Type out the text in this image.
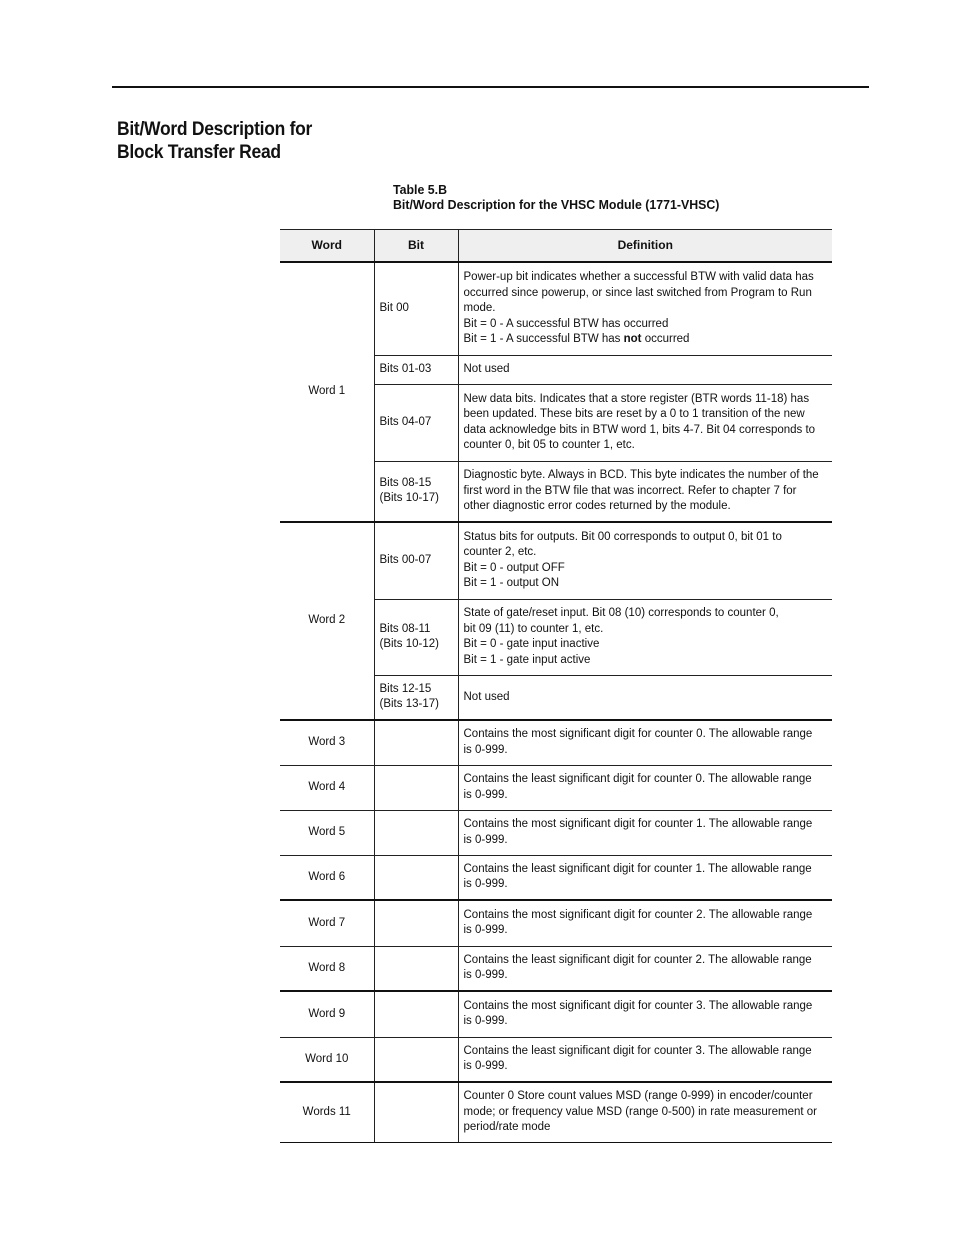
Bit/Word Description for
Block Transfer Read
Table 5.B
Bit/Word Description for the VHSC Module (1771-VHSC)
Word	Bit	Definition
Word 1	Bit 00	Power-up bit indicates whether a successful BTW with valid data has
occurred since powerup, or since last switched from Program to Run
mode.
Bit = 0 - A successful BTW has occurred
Bit = 1 - A successful BTW has not occurred

	Bits 01-03	Not used

	Bits 04-07	New data bits. Indicates that a store register (BTR words 11-18) has
been updated. These bits are reset by a 0 to 1 transition of the new
data acknowledge bits in BTW word 1, bits 4-7. Bit 04 corresponds to
counter 0, bit 05 to counter 1, etc.

	Bits 08-15
(Bits 10-17)	Diagnostic byte. Always in BCD. This byte indicates the number of the
first word in the BTW file that was incorrect. Refer to chapter 7 for
other diagnostic error codes returned by the module.

Word 2	Bits 00-07	Status bits for outputs. Bit 00 corresponds to output 0, bit 01 to
counter 2, etc.
Bit = 0 - output OFF
Bit = 1 - output ON

	Bits 08-11
(Bits 10-12)	State of gate/reset input. Bit 08 (10) corresponds to counter 0,
bit 09 (11) to counter 1, etc.
Bit = 0 - gate input inactive
Bit = 1 - gate input active

	Bits 12-15
(Bits 13-17)	Not used

Word 3		Contains the most significant digit for counter 0. The allowable range
is 0-999.

Word 4		Contains the least significant digit for counter 0. The allowable range
is 0-999.

Word 5		Contains the most significant digit for counter 1. The allowable range
is 0-999.

Word 6		Contains the least significant digit for counter 1. The allowable range
is 0-999.

Word 7		Contains the most significant digit for counter 2. The allowable range
is 0-999.

Word 8		Contains the least significant digit for counter 2. The allowable range
is 0-999.

Word 9		Contains the most significant digit for counter 3. The allowable range
is 0-999.

Word 10		Contains the least significant digit for counter 3. The allowable range
is 0-999.

Words 11		Counter 0 Store count values MSD (range 0-999) in encoder/counter
mode; or frequency value MSD (range 0-500) in rate measurement or
period/rate mode
